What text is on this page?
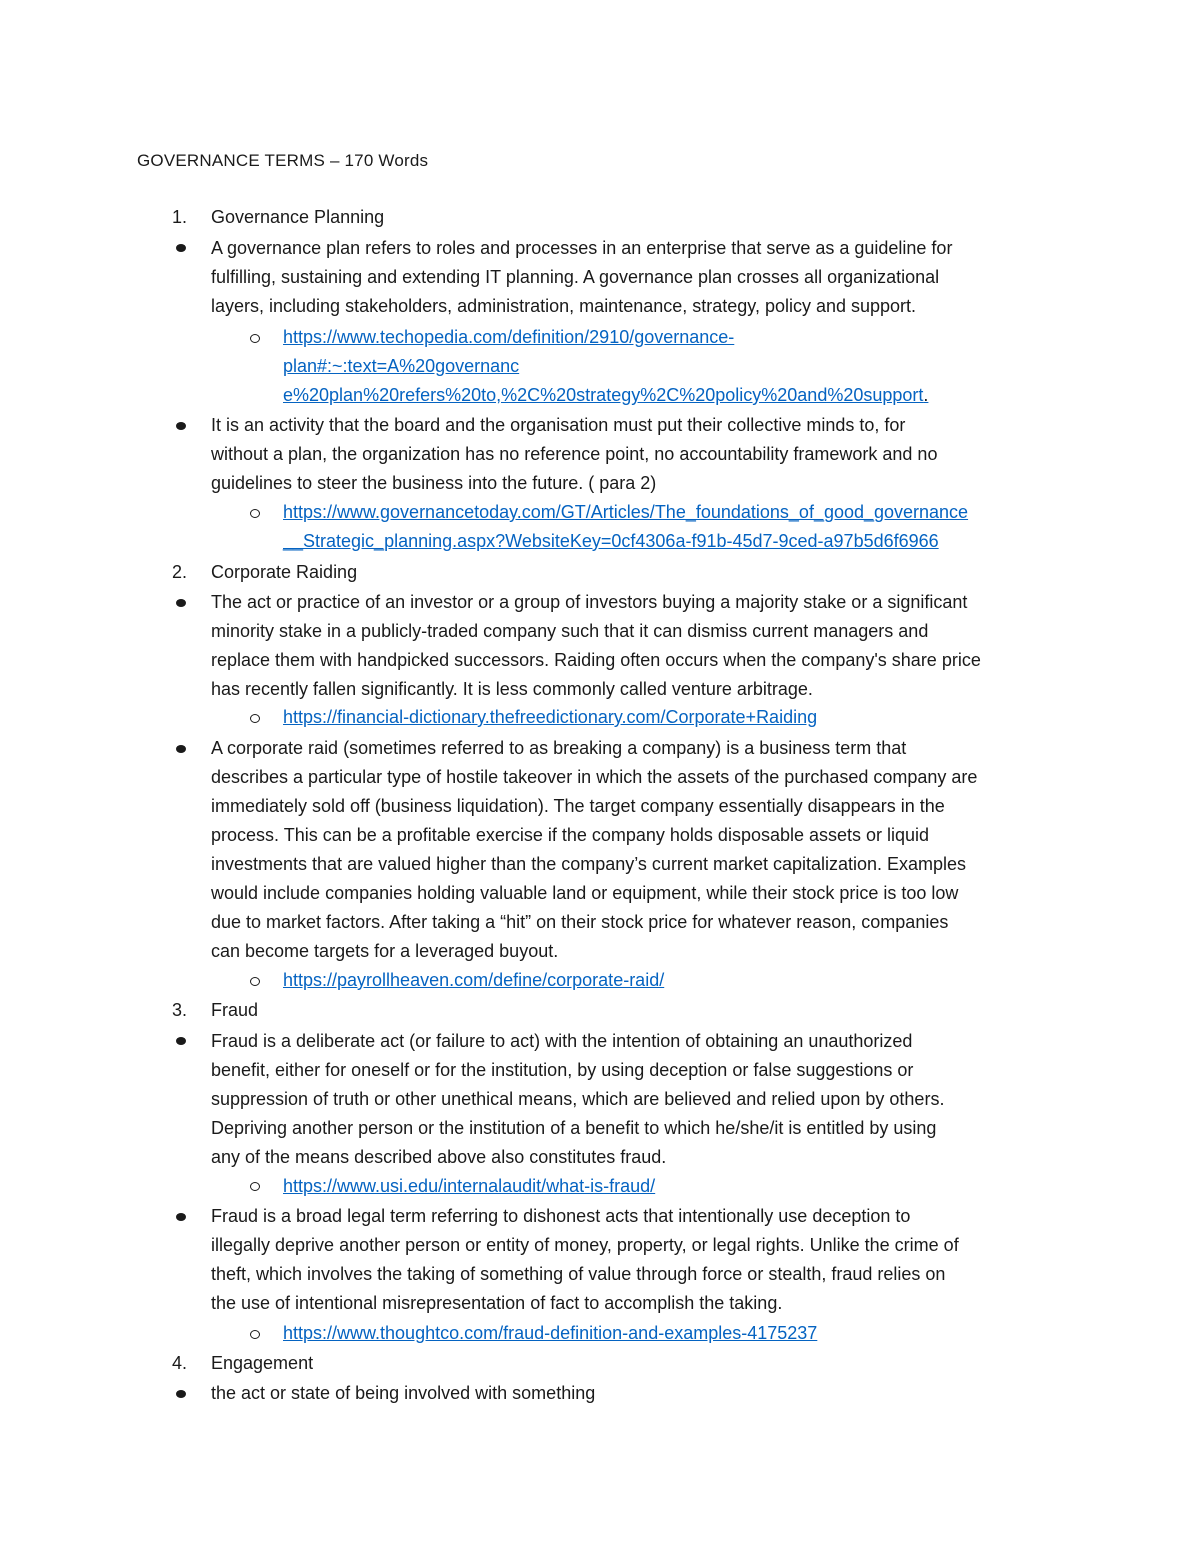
GOVERNANCE TERMS – 170 Words
1. Governance Planning
A governance plan refers to roles and processes in an enterprise that serve as a guideline for
fulfilling, sustaining and extending IT planning. A governance plan crosses all organizational
layers, including stakeholders, administration, maintenance, strategy, policy and support.
https://www.techopedia.com/definition/2910/governance-
plan#:~:text=A%20governanc
e%20plan%20refers%20to,%2C%20strategy%2C%20policy%20and%20support.
It is an activity that the board and the organisation must put their collective minds to, for
without a plan, the organization has no reference point, no accountability framework and no
guidelines to steer the business into the future. ( para 2)
https://www.governancetoday.com/GT/Articles/The_foundations_of_good_governance
__Strategic_planning.aspx?WebsiteKey=0cf4306a-f91b-45d7-9ced-a97b5d6f6966
2. Corporate Raiding
The act or practice of an investor or a group of investors buying a majority stake or a significant
minority stake in a publicly-traded company such that it can dismiss current managers and
replace them with handpicked successors. Raiding often occurs when the company's share price
has recently fallen significantly. It is less commonly called venture arbitrage.
https://financial-dictionary.thefreedictionary.com/Corporate+Raiding
A corporate raid (sometimes referred to as breaking a company) is a business term that
describes a particular type of hostile takeover in which the assets of the purchased company are
immediately sold off (business liquidation). The target company essentially disappears in the
process. This can be a profitable exercise if the company holds disposable assets or liquid
investments that are valued higher than the company’s current market capitalization. Examples
would include companies holding valuable land or equipment, while their stock price is too low
due to market factors. After taking a “hit” on their stock price for whatever reason, companies
can become targets for a leveraged buyout.
https://payrollheaven.com/define/corporate-raid/
3. Fraud
Fraud is a deliberate act (or failure to act) with the intention of obtaining an unauthorized
benefit, either for oneself or for the institution, by using deception or false suggestions or
suppression of truth or other unethical means, which are believed and relied upon by others.
Depriving another person or the institution of a benefit to which he/she/it is entitled by using
any of the means described above also constitutes fraud.
https://www.usi.edu/internalaudit/what-is-fraud/
Fraud is a broad legal term referring to dishonest acts that intentionally use deception to
illegally deprive another person or entity of money, property, or legal rights. Unlike the crime of
theft, which involves the taking of something of value through force or stealth, fraud relies on
the use of intentional misrepresentation of fact to accomplish the taking.
https://www.thoughtco.com/fraud-definition-and-examples-4175237
4. Engagement
the act or state of being involved with something
